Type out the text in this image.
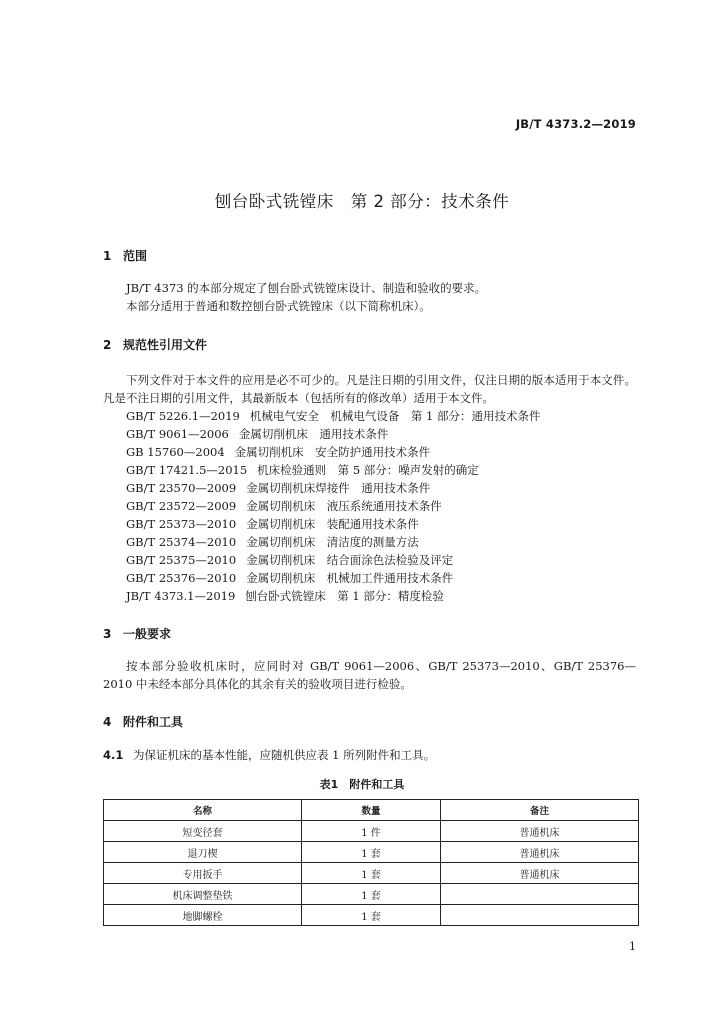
JB/T 4373.2—2019
刨台卧式铣镗床　第 2 部分：技术条件
1 范围
JB/T 4373 的本部分规定了刨台卧式铣镗床设计、制造和验收的要求。
本部分适用于普通和数控刨台卧式铣镗床（以下简称机床）。
2 规范性引用文件
下列文件对于本文件的应用是必不可少的。凡是注日期的引用文件，仅注日期的版本适用于本文件。凡是不注日期的引用文件，其最新版本（包括所有的修改单）适用于本文件。
GB/T 5226.1—2019 机械电气安全　机械电气设备　第 1 部分：通用技术条件
GB/T 9061—2006 金属切削机床　通用技术条件
GB 15760—2004 金属切削机床　安全防护通用技术条件
GB/T 17421.5—2015 机床检验通则　第 5 部分：噪声发射的确定
GB/T 23570—2009 金属切削机床焊接件　通用技术条件
GB/T 23572—2009 金属切削机床　液压系统通用技术条件
GB/T 25373—2010 金属切削机床　装配通用技术条件
GB/T 25374—2010 金属切削机床　清洁度的测量方法
GB/T 25375—2010 金属切削机床　结合面涂色法检验及评定
GB/T 25376—2010 金属切削机床　机械加工件通用技术条件
JB/T 4373.1—2019 刨台卧式铣镗床　第 1 部分：精度检验
3 一般要求
按本部分验收机床时，应同时对 GB/T 9061—2006、GB/T 25373—2010、GB/T 25376—2010 中未经本部分具体化的其余有关的验收项目进行检验。
4 附件和工具
4.1 为保证机床的基本性能，应随机供应表 1 所列附件和工具。
表1　附件和工具
名称	数量	备注
短变径套	1 件	普通机床
退刀楔	1 套	普通机床
专用扳手	1 套	普通机床
机床调整垫铁	1 套	
地脚螺栓	1 套	
1
